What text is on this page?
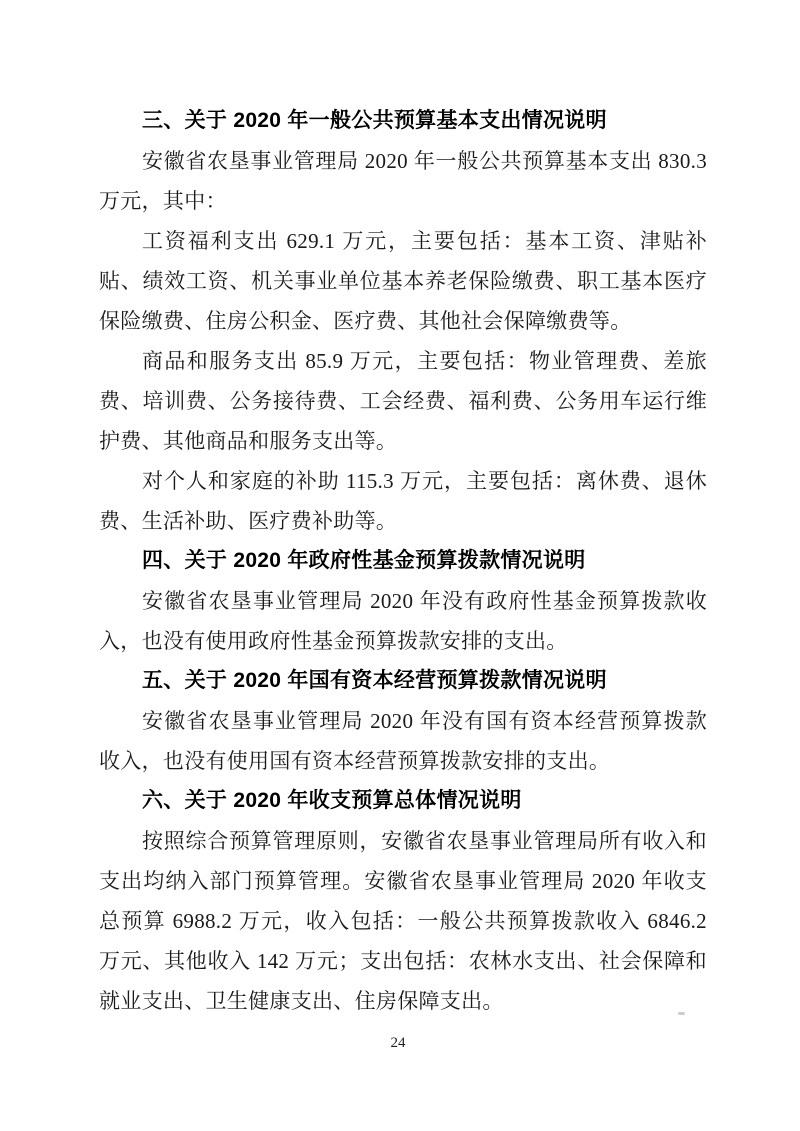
三、关于 2020 年一般公共预算基本支出情况说明

安徽省农垦事业管理局 2020 年一般公共预算基本支出 830.3 万元，其中：

工资福利支出 629.1 万元，主要包括：基本工资、津贴补贴、绩效工资、机关事业单位基本养老保险缴费、职工基本医疗保险缴费、住房公积金、医疗费、其他社会保障缴费等。

商品和服务支出 85.9 万元，主要包括：物业管理费、差旅费、培训费、公务接待费、工会经费、福利费、公务用车运行维护费、其他商品和服务支出等。

对个人和家庭的补助 115.3 万元，主要包括：离休费、退休费、生活补助、医疗费补助等。

四、关于 2020 年政府性基金预算拨款情况说明

安徽省农垦事业管理局 2020 年没有政府性基金预算拨款收入，也没有使用政府性基金预算拨款安排的支出。

五、关于 2020 年国有资本经营预算拨款情况说明

安徽省农垦事业管理局 2020 年没有国有资本经营预算拨款收入，也没有使用国有资本经营预算拨款安排的支出。

六、关于 2020 年收支预算总体情况说明

按照综合预算管理原则，安徽省农垦事业管理局所有收入和支出均纳入部门预算管理。安徽省农垦事业管理局 2020 年收支总预算 6988.2 万元，收入包括：一般公共预算拨款收入 6846.2 万元、其他收入 142 万元；支出包括：农林水支出、社会保障和就业支出、卫生健康支出、住房保障支出。

24
